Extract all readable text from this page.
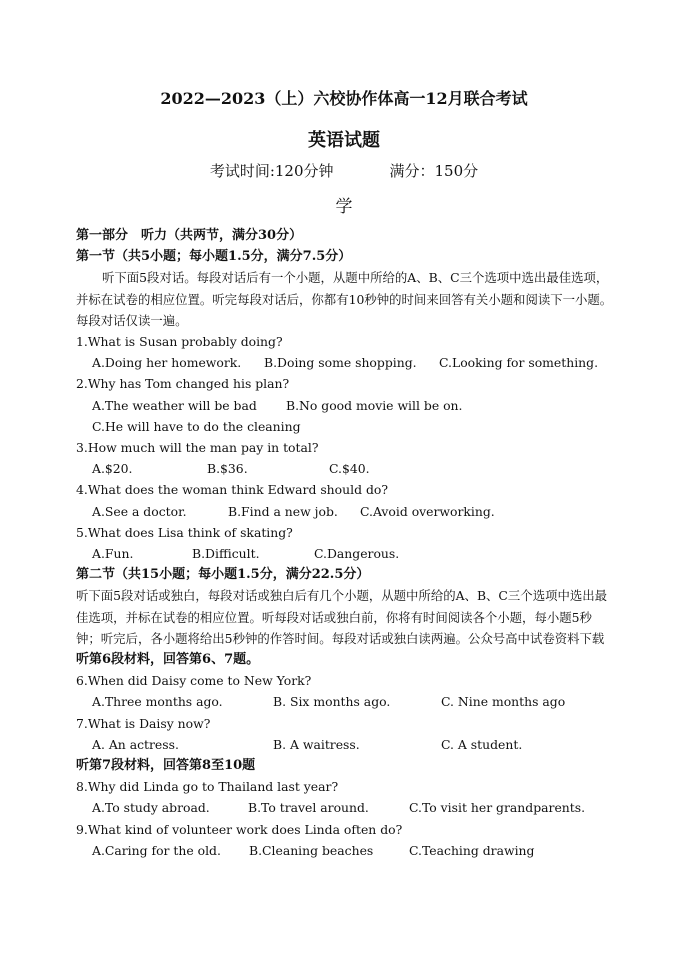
2022—2023（上）六校协作体高一12月联合考试
英语试题
考试时间:120分钟	满分：150分
学
第一部分　听力（共两节，满分30分）
第一节（共5小题；每小题1.5分，满分7.5分）
听下面5段对话。每段对话后有一个小题，从题中所给的A、B、C三个选项中选出最佳选项，并标在试卷的相应位置。听完每段对话后，你都有10秒钟的时间来回答有关小题和阅读下一小题。每段对话仅读一遍。
1.What is Susan probably doing?
A.Doing her homework. B.Doing some shopping. C.Looking for something.
2.Why has Tom changed his plan?
A.The weather will be bad B.No good movie will be on.
C.He will have to do the cleaning
3.How much will the man pay in total?
A.$20.	B.$36.	C.$40.
4.What does the woman think Edward should do?
A.See a doctor.	B.Find a new job. C.Avoid overworking.
5.What does Lisa think of skating?
A.Fun.	B.Difficult.	C.Dangerous.
第二节（共15小题；每小题1.5分，满分22.5分）
听下面5段对话或独白，每段对话或独白后有几个小题，从题中所给的A、B、C三个选项中选出最佳选项，并标在试卷的相应位置。听每段对话或独白前，你将有时间阅读各个小题，每小题5秒钟；听完后，各小题将给出5秒钟的作答时间。每段对话或独白读两遍。公众号高中试卷资料下载
听第6段材料，回答第6、7题。
6.When did Daisy come to New York?
A.Three months ago.	B. Six months ago.	C. Nine months ago
7.What is Daisy now?
A. An actress.	B. A waitress.	C. A student.
听第7段材料，回答第8至10题
8.Why did Linda go to Thailand last year?
A.To study abroad.	B.To travel around.	C.To visit her grandparents.
9.What kind of volunteer work does Linda often do?
A.Caring for the old. B.Cleaning beaches	C.Teaching drawing
